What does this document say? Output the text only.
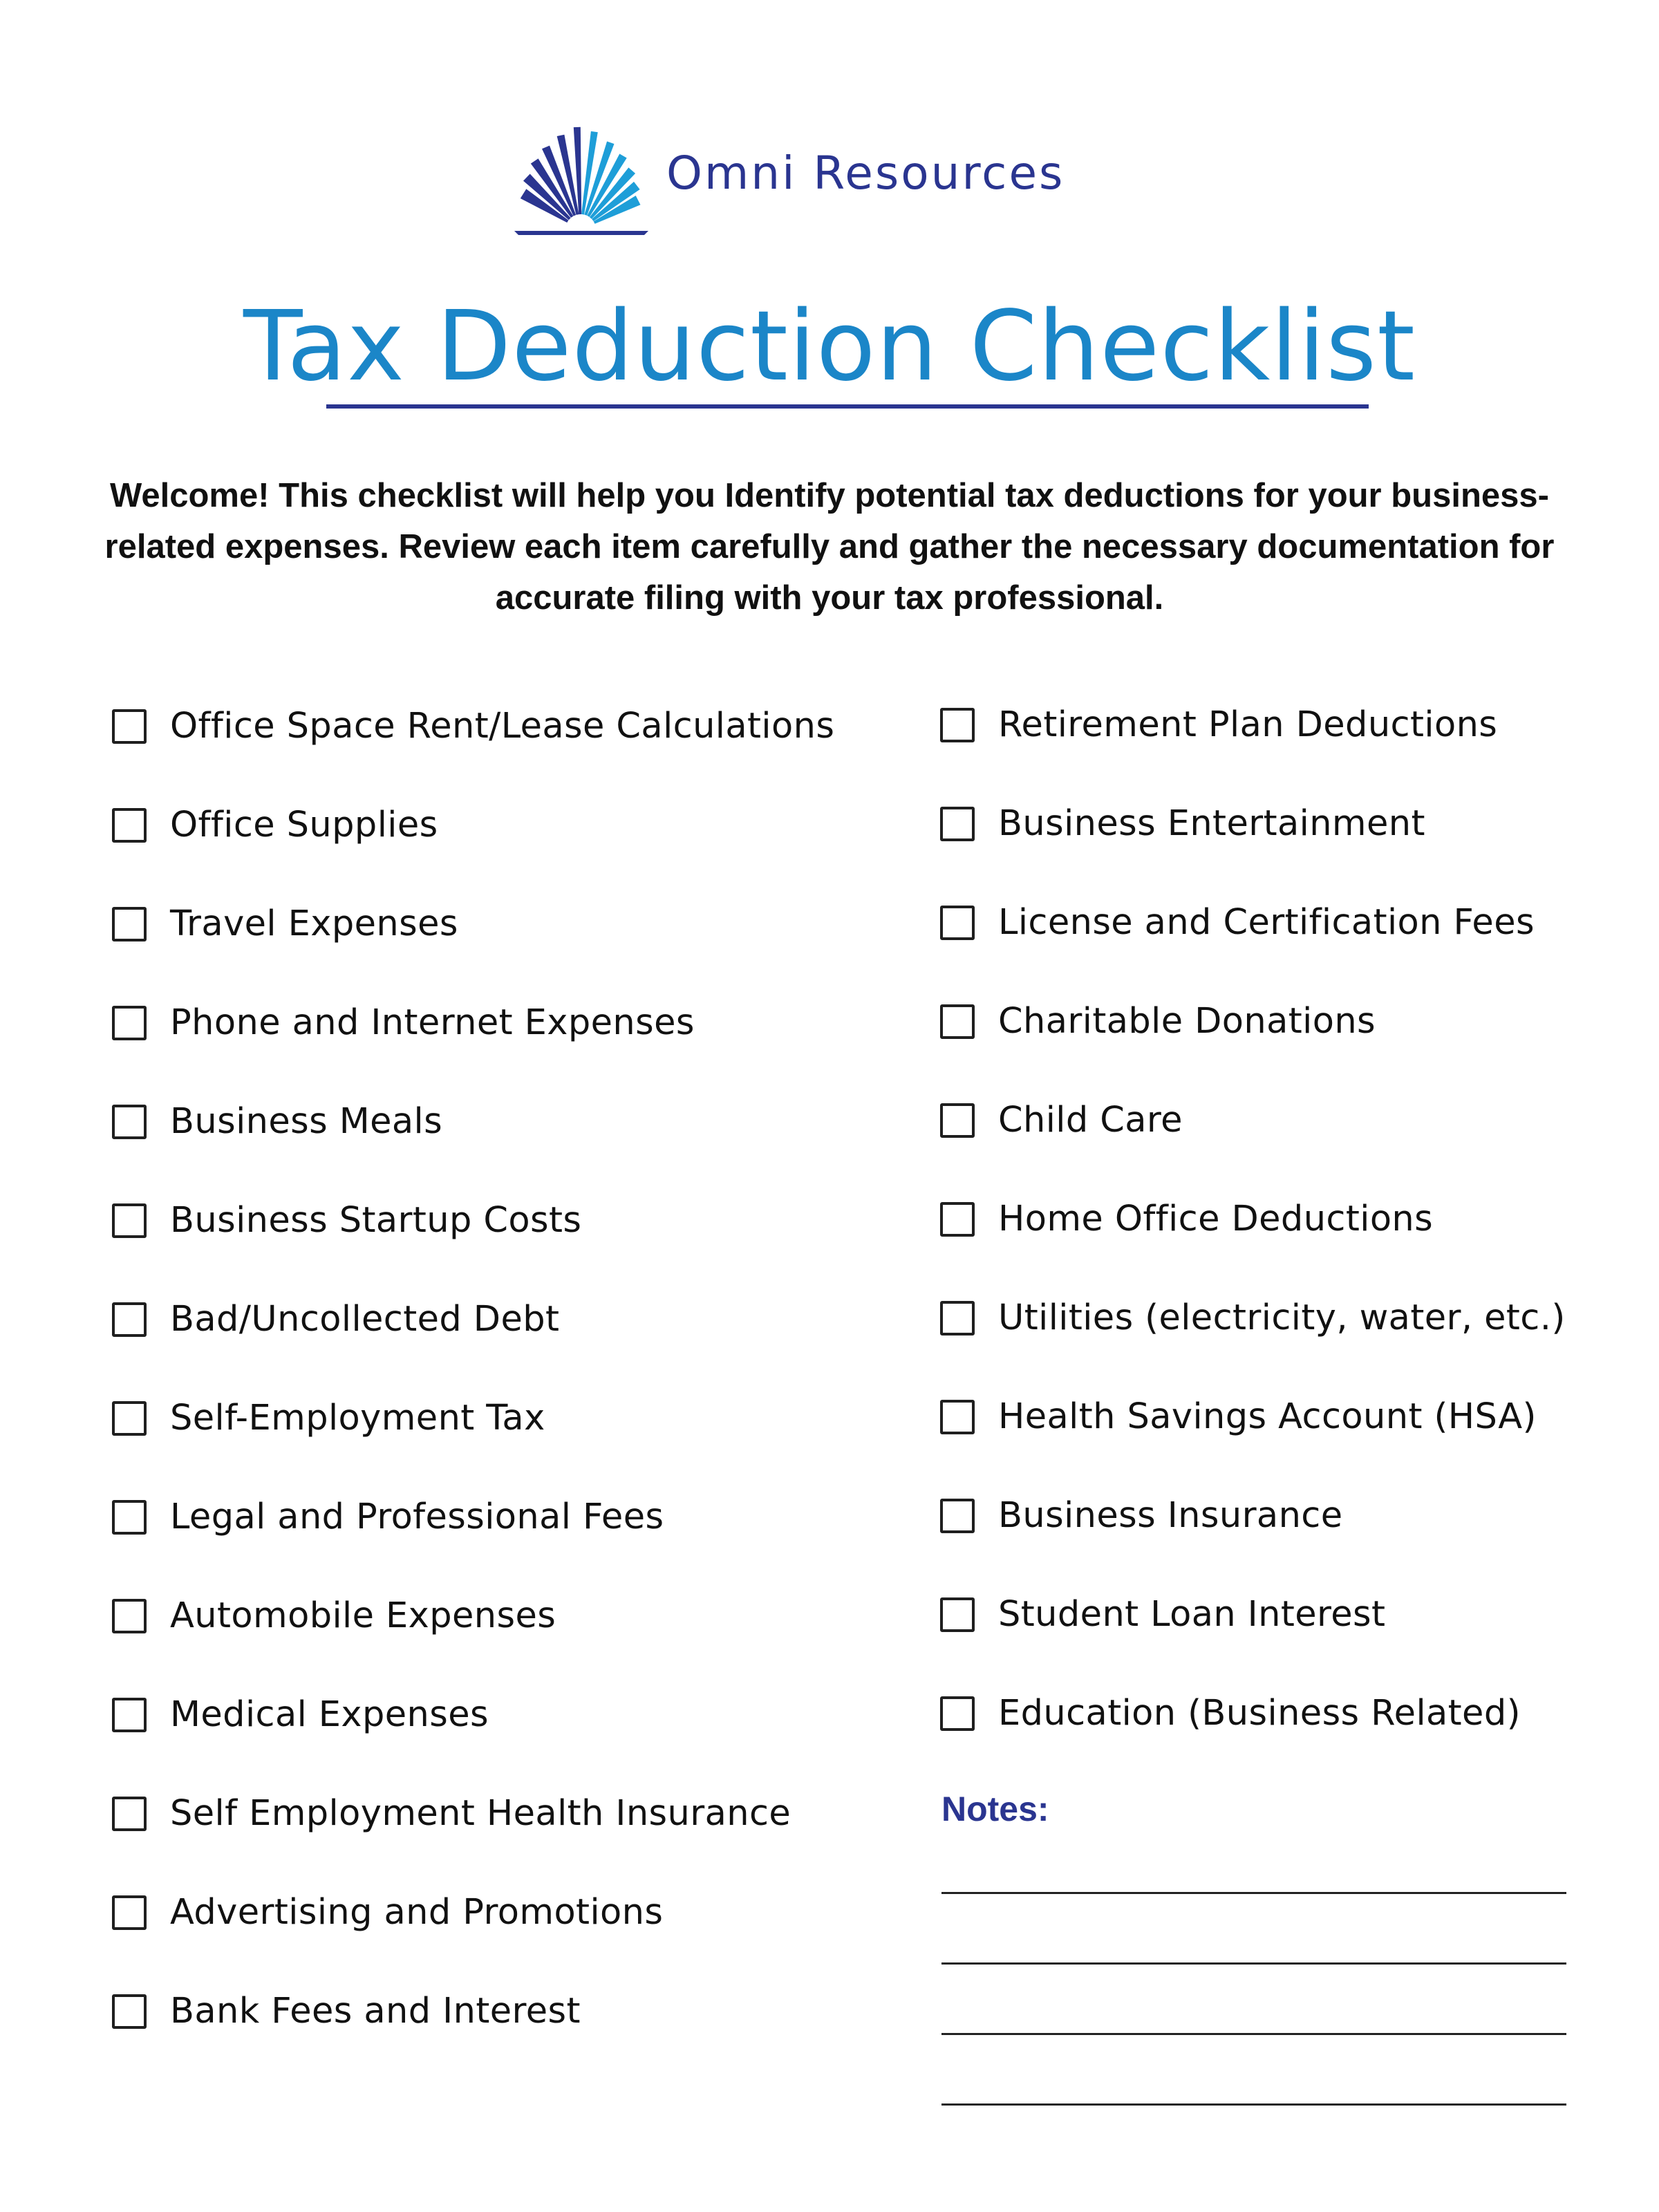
Omni Resources
Tax Deduction Checklist

Welcome! This checklist will help you Identify potential tax deductions for your business-related expenses. Review each item carefully and gather the necessary documentation for accurate filing with your tax professional.

Office Space Rent/Lease Calculations
Office Supplies
Travel Expenses
Phone and Internet Expenses
Business Meals
Business Startup Costs
Bad/Uncollected Debt
Self-Employment Tax
Legal and Professional Fees
Automobile Expenses
Medical Expenses
Self Employment Health Insurance
Advertising and Promotions
Bank Fees and Interest
Retirement Plan Deductions
Business Entertainment
License and Certification Fees
Charitable Donations
Child Care
Home Office Deductions
Utilities (electricity, water, etc.)
Health Savings Account (HSA)
Business Insurance
Student Loan Interest
Education (Business Related)
Notes:
